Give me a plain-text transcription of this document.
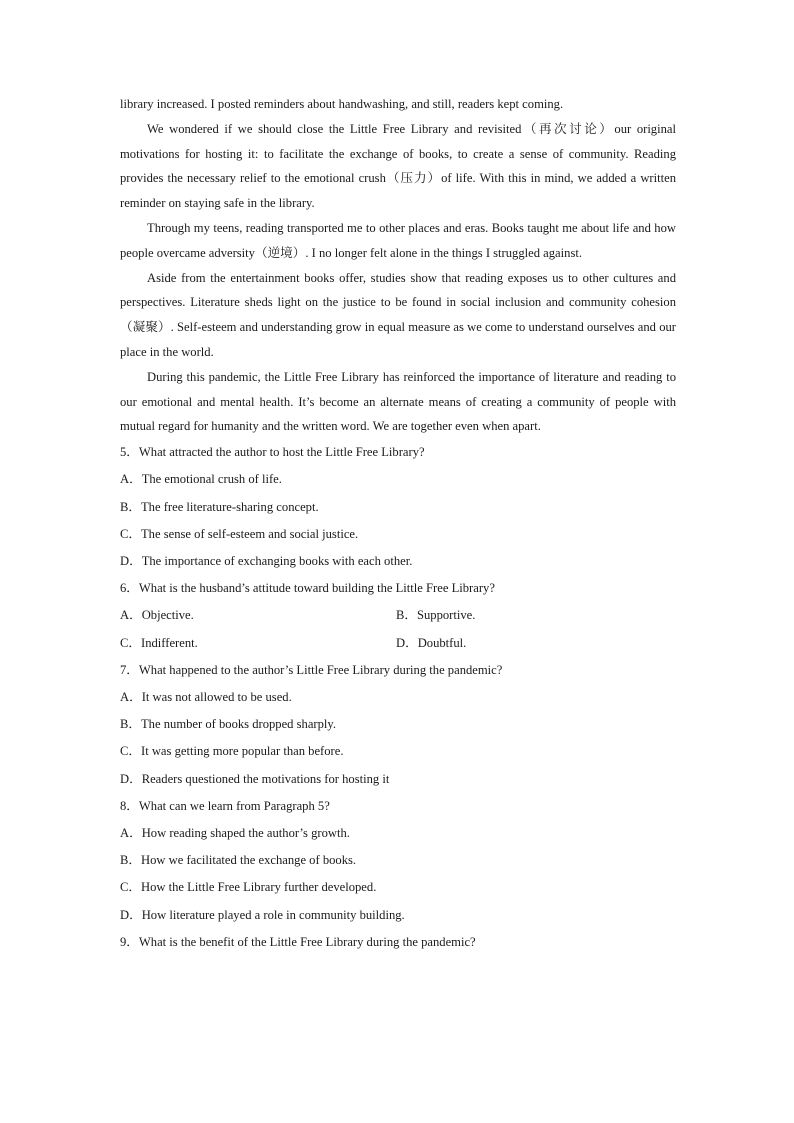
library increased. I posted reminders about handwashing, and still, readers kept coming.

We wondered if we should close the Little Free Library and revisited（再次讨论）our original motivations for hosting it: to facilitate the exchange of books, to create a sense of community. Reading provides the necessary relief to the emotional crush（压力）of life. With this in mind, we added a written reminder on staying safe in the library.

Through my teens, reading transported me to other places and eras. Books taught me about life and how people overcame adversity（逆境）. I no longer felt alone in the things I struggled against.

Aside from the entertainment books offer, studies show that reading exposes us to other cultures and perspectives. Literature sheds light on the justice to be found in social inclusion and community cohesion（凝聚）. Self-esteem and understanding grow in equal measure as we come to understand ourselves and our place in the world.

During this pandemic, the Little Free Library has reinforced the importance of literature and reading to our emotional and mental health. It’s become an alternate means of creating a community of people with mutual regard for humanity and the written word. We are together even when apart.

5．What attracted the author to host the Little Free Library?

A．The emotional crush of life.

B．The free literature-sharing concept.

C．The sense of self-esteem and social justice.

D．The importance of exchanging books with each other.

6．What is the husband’s attitude toward building the Little Free Library?

A．Objective.	B．Supportive.
C．Indifferent.	D．Doubtful.

7．What happened to the author’s Little Free Library during the pandemic?

A．It was not allowed to be used.

B．The number of books dropped sharply.

C．It was getting more popular than before.

D．Readers questioned the motivations for hosting it

8．What can we learn from Paragraph 5?

A．How reading shaped the author’s growth.

B．How we facilitated the exchange of books.

C．How the Little Free Library further developed.

D．How literature played a role in community building.

9．What is the benefit of the Little Free Library during the pandemic?
